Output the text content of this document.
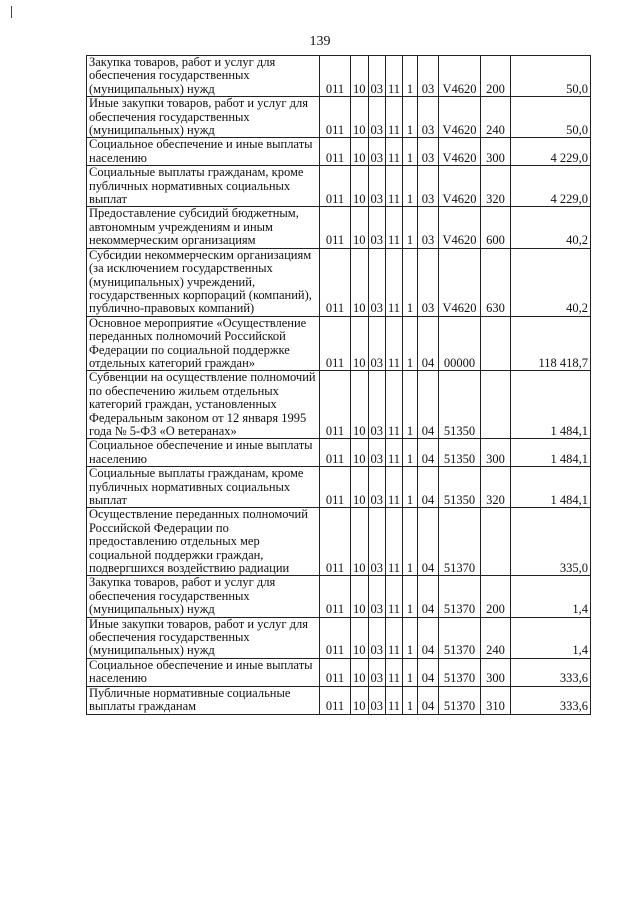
139
Закупка товаров, работ и услуг для обеспечения государственных (муниципальных) нужд	011	10	03	11	1	03	V4620	200	50,0
Иные закупки товаров, работ и услуг для обеспечения государственных (муниципальных) нужд	011	10	03	11	1	03	V4620	240	50,0
Социальное обеспечение и иные выплаты населению	011	10	03	11	1	03	V4620	300	4 229,0
Социальные выплаты гражданам, кроме публичных нормативных социальных выплат	011	10	03	11	1	03	V4620	320	4 229,0
Предоставление субсидий бюджетным, автономным учреждениям и иным некоммерческим организациям	011	10	03	11	1	03	V4620	600	40,2
Субсидии некоммерческим организациям (за исключением государственных (муниципальных) учреждений, государственных корпораций (компаний), публично-правовых компаний)	011	10	03	11	1	03	V4620	630	40,2
Основное мероприятие «Осуществление переданных полномочий Российской Федерации по социальной поддержке отдельных категорий граждан»	011	10	03	11	1	04	00000		118 418,7
Субвенции на осуществление полномочий по обеспечению жильем отдельных категорий граждан, установленных Федеральным законом от 12 января 1995 года № 5-ФЗ «О ветеранах»	011	10	03	11	1	04	51350		1 484,1
Социальное обеспечение и иные выплаты населению	011	10	03	11	1	04	51350	300	1 484,1
Социальные выплаты гражданам, кроме публичных нормативных социальных выплат	011	10	03	11	1	04	51350	320	1 484,1
Осуществление переданных полномочий Российской Федерации по предоставлению отдельных мер социальной поддержки граждан, подвергшихся воздействию радиации	011	10	03	11	1	04	51370		335,0
Закупка товаров, работ и услуг для обеспечения государственных (муниципальных) нужд	011	10	03	11	1	04	51370	200	1,4
Иные закупки товаров, работ и услуг для обеспечения государственных (муниципальных) нужд	011	10	03	11	1	04	51370	240	1,4
Социальное обеспечение и иные выплаты населению	011	10	03	11	1	04	51370	300	333,6
Публичные нормативные социальные выплаты гражданам	011	10	03	11	1	04	51370	310	333,6
